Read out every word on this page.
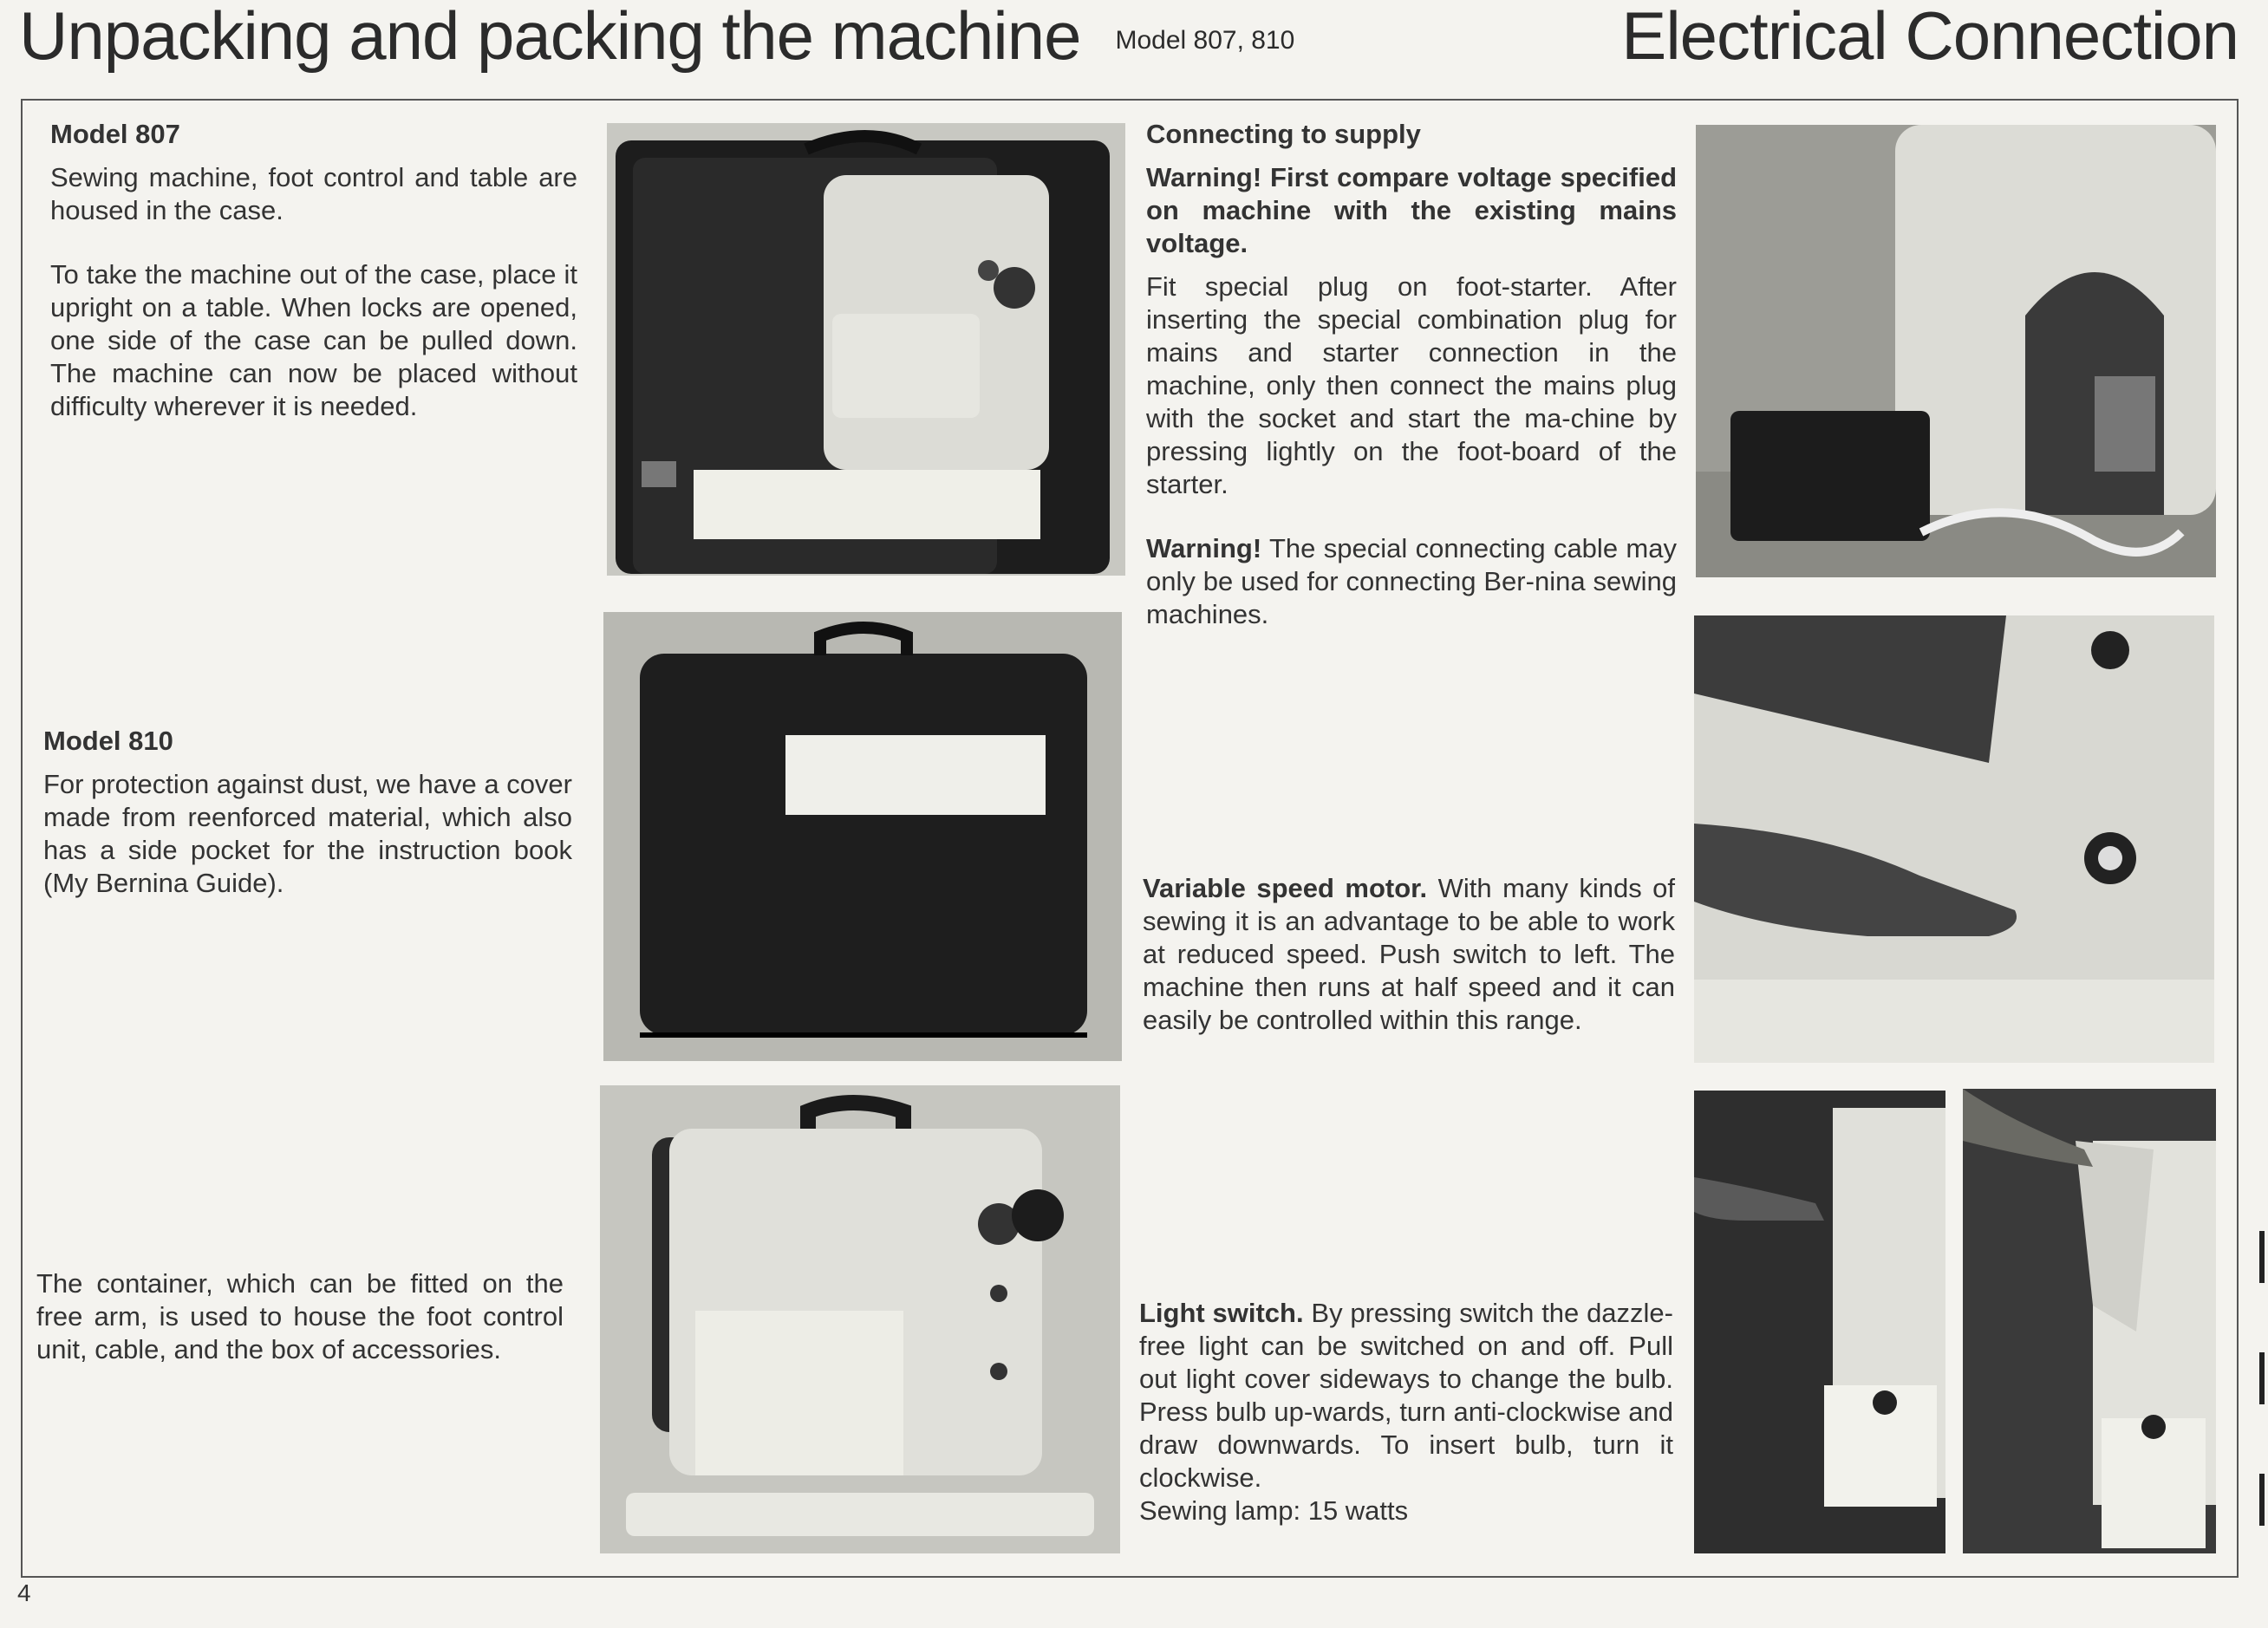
Unpacking and packing the machine Model 807, 810	Electrical Connection
Model 807

Sewing machine, foot control and table are housed in the case.

To take the machine out of the case, place it upright on a table. When locks are opened, one side of the case can be pulled down. The machine can now be placed without difficulty wherever it is needed.

Model 810

For protection against dust, we have a cover made from reenforced material, which also has a side pocket for the instruction book (My Bernina Guide).

The container, which can be fitted on the free arm, is used to house the foot control unit, cable, and the box of accessories.

Connecting to supply

Warning! First compare voltage specified on machine with the existing mains voltage.

Fit special plug on foot-starter. After inserting the special combination plug for mains and starter connection in the machine, only then connect the mains plug with the socket and start the ma-chine by pressing lightly on the foot-board of the starter.

Warning! The special connecting cable may only be used for connecting Ber-nina sewing machines.

Variable speed motor. With many kinds of sewing it is an advantage to be able to work at reduced speed. Push switch to left. The machine then runs at half speed and it can easily be controlled within this range.

Light switch. By pressing switch the dazzle-free light can be switched on and off. Pull out light cover sideways to change the bulb. Press bulb up-wards, turn anti-clockwise and draw downwards. To insert bulb, turn it clockwise.

Sewing lamp: 15 watts
4
